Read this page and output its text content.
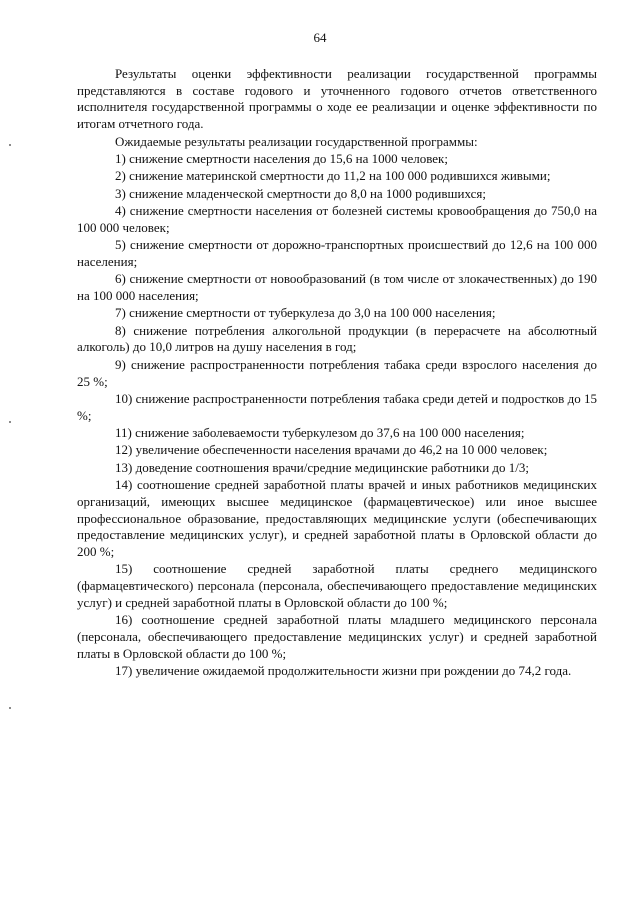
64

Результаты оценки эффективности реализации государственной программы представляются в составе годового и уточненного годового отчетов ответственного исполнителя государственной программы о ходе ее реализации и оценке эффективности по итогам отчетного года.

Ожидаемые результаты реализации государственной программы:

1) снижение смертности населения до 15,6 на 1000 человек;

2) снижение материнской смертности до 11,2 на 100 000 родившихся живыми;

3) снижение младенческой смертности до 8,0 на 1000 родившихся;

4) снижение смертности населения от болезней системы кровообращения до 750,0 на 100 000 человек;

5) снижение смертности от дорожно-транспортных происшествий до 12,6 на 100 000 населения;

6) снижение смертности от новообразований (в том числе от злокачественных) до 190 на 100 000 населения;

7) снижение смертности от туберкулеза до 3,0 на 100 000 населения;

8) снижение потребления алкогольной продукции (в перерасчете на абсолютный алкоголь) до 10,0 литров на душу населения в год;

9) снижение распространенности потребления табака среди взрослого населения до 25 %;

10) снижение распространенности потребления табака среди детей и подростков до 15 %;

11) снижение заболеваемости туберкулезом до 37,6 на 100 000 населения;

12) увеличение обеспеченности населения врачами до 46,2 на 10 000 человек;

13) доведение соотношения врачи/средние медицинские работники до 1/3;

14) соотношение средней заработной платы врачей и иных работников медицинских организаций, имеющих высшее медицинское (фармацевтическое) или иное высшее профессиональное образование, предоставляющих медицинские услуги (обеспечивающих предоставление медицинских услуг), и средней заработной платы в Орловской области до 200 %;

15) соотношение средней заработной платы среднего медицинского (фармацевтического) персонала (персонала, обеспечивающего предоставление медицинских услуг) и средней заработной платы в Орловской области до 100 %;

16) соотношение средней заработной платы младшего медицинского персонала (персонала, обеспечивающего предоставление медицинских услуг) и средней заработной платы в Орловской области до 100 %;

17) увеличение ожидаемой продолжительности жизни при рождении до 74,2 года.
